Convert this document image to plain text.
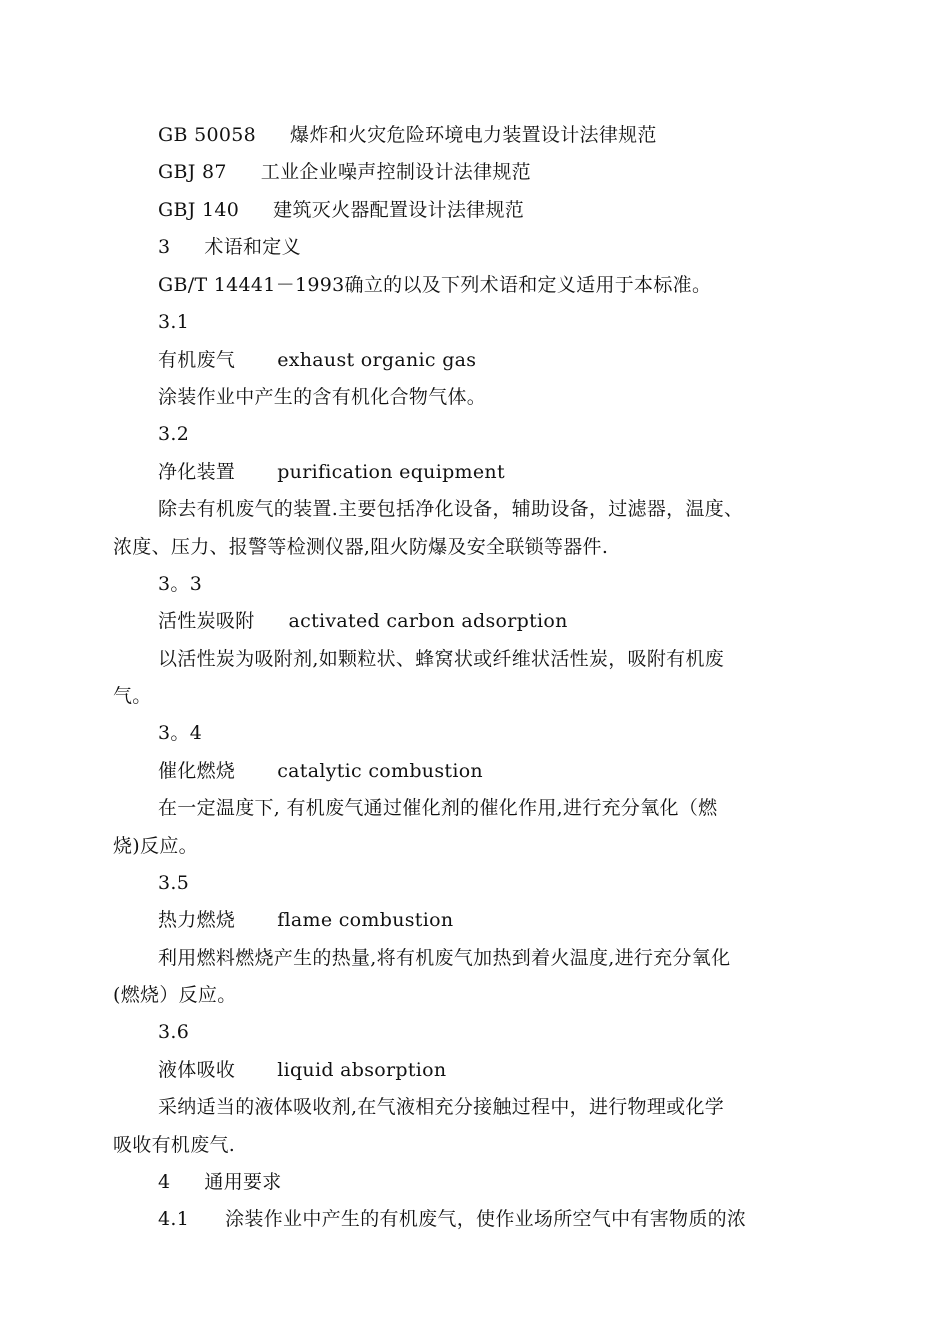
GB 50058 爆炸和火灾危险环境电力装置设计法律规范
GBJ 87 工业企业噪声控制设计法律规范
GBJ 140 建筑灭火器配置设计法律规范
3 术语和定义
GB/T 14441－1993确立的以及下列术语和定义适用于本标准。
3.1
有机废气 exhaust organic gas
涂装作业中产生的含有机化合物气体。
3.2
净化装置 purification equipment
除去有机废气的装置.主要包括净化设备，辅助设备，过滤器，温度、
浓度、压力、报警等检测仪器,阻火防爆及安全联锁等器件.
3。3
活性炭吸附 activated carbon adsorption
以活性炭为吸附剂,如颗粒状、蜂窝状或纤维状活性炭，吸附有机废
气。
3。4
催化燃烧 catalytic combustion
在一定温度下, 有机废气通过催化剂的催化作用,进行充分氧化（燃
烧)反应。
3.5
热力燃烧 flame combustion
利用燃料燃烧产生的热量,将有机废气加热到着火温度,进行充分氧化
(燃烧）反应。
3.6
液体吸收 liquid absorption
采纳适当的液体吸收剂,在气液相充分接触过程中，进行物理或化学
吸收有机废气.
4 通用要求
4.1 涂装作业中产生的有机废气，使作业场所空气中有害物质的浓
